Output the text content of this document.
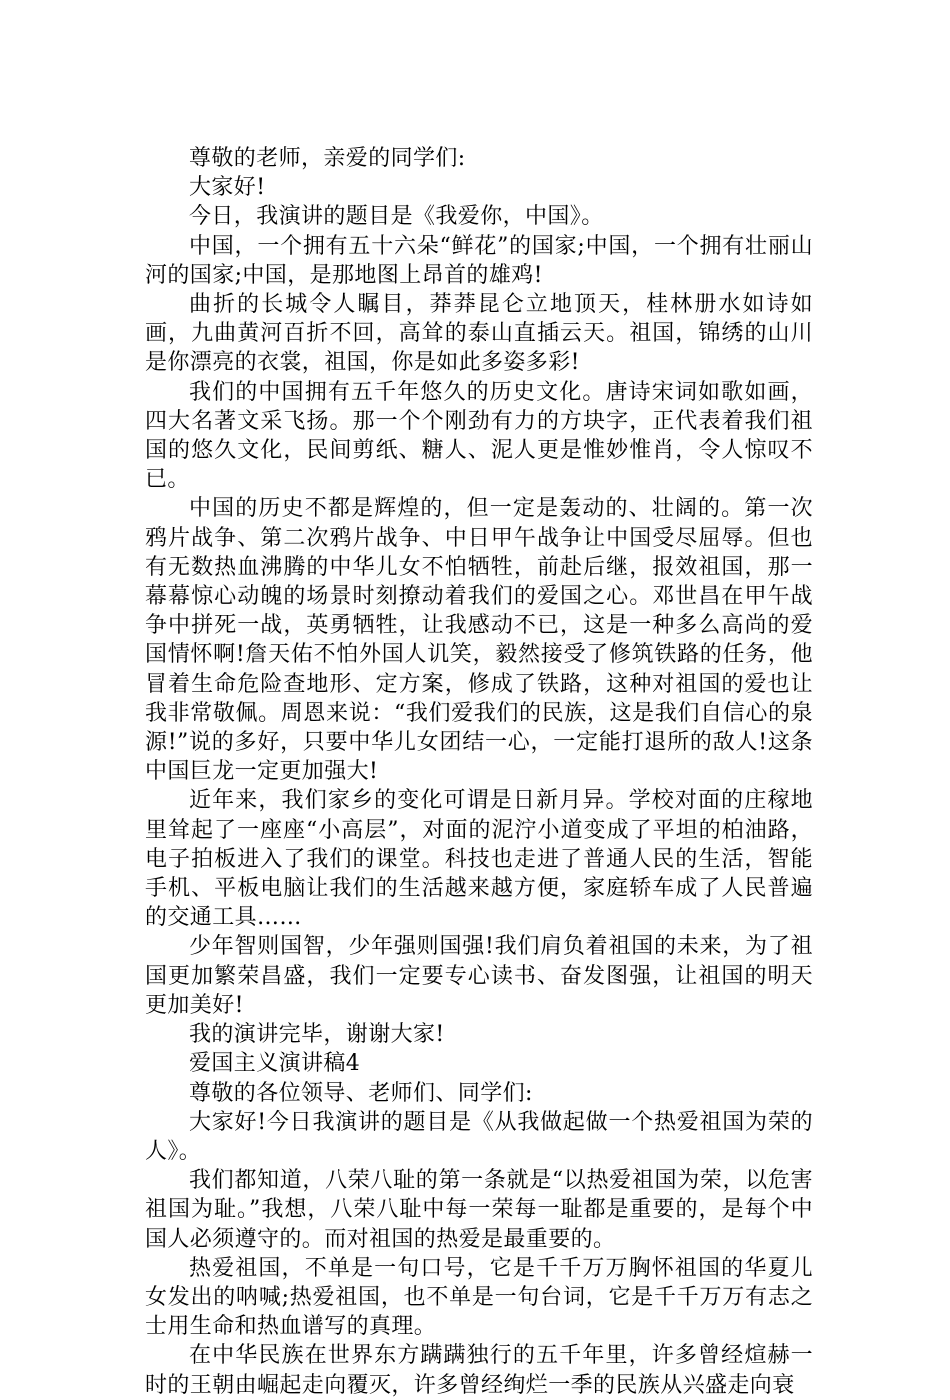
尊敬的老师，亲爱的同学们:

大家好!

今日，我演讲的题目是《我爱你，中国》。

中国，一个拥有五十六朵“鲜花”的国家;中国，一个拥有壮丽山河的国家;中国，是那地图上昂首的雄鸡!

曲折的长城令人瞩目，莽莽昆仑立地顶天，桂林册水如诗如画，九曲黄河百折不回，高耸的泰山直插云天。祖国，锦绣的山川是你漂亮的衣裳，祖国，你是如此多姿多彩!

我们的中国拥有五千年悠久的历史文化。唐诗宋词如歌如画，四大名著文采飞扬。那一个个刚劲有力的方块字，正代表着我们祖国的悠久文化，民间剪纸、糖人、泥人更是惟妙惟肖，令人惊叹不已。

中国的历史不都是辉煌的，但一定是轰动的、壮阔的。第一次鸦片战争、第二次鸦片战争、中日甲午战争让中国受尽屈辱。但也有无数热血沸腾的中华儿女不怕牺牲，前赴后继，报效祖国，那一幕幕惊心动魄的场景时刻撩动着我们的爱国之心。邓世昌在甲午战争中拼死一战，英勇牺牲，让我感动不已，这是一种多么高尚的爱国情怀啊!詹天佑不怕外国人讥笑，毅然接受了修筑铁路的任务，他冒着生命危险查地形、定方案，修成了铁路，这种对祖国的爱也让我非常敬佩。周恩来说：“我们爱我们的民族，这是我们自信心的泉源!”说的多好，只要中华儿女团结一心，一定能打退所的敌人!这条中国巨龙一定更加强大!

近年来，我们家乡的变化可谓是日新月异。学校对面的庄稼地里耸起了一座座“小高层”，对面的泥泞小道变成了平坦的柏油路，电子拍板进入了我们的课堂。科技也走进了普通人民的生活，智能手机、平板电脑让我们的生活越来越方便，家庭轿车成了人民普遍的交通工具……

少年智则国智，少年强则国强!我们肩负着祖国的未来，为了祖国更加繁荣昌盛，我们一定要专心读书、奋发图强，让祖国的明天更加美好!

我的演讲完毕，谢谢大家!

爱国主义演讲稿4

尊敬的各位领导、老师们、同学们:

大家好!今日我演讲的题目是《从我做起做一个热爱祖国为荣的人》。

我们都知道，八荣八耻的第一条就是“以热爱祖国为荣，以危害祖国为耻。”我想，八荣八耻中每一荣每一耻都是重要的，是每个中国人必须遵守的。而对祖国的热爱是最重要的。

热爱祖国，不单是一句口号，它是千千万万胸怀祖国的华夏儿女发出的呐喊;热爱祖国，也不单是一句台词，它是千千万万有志之士用生命和热血谱写的真理。

在中华民族在世界东方蹒蹒独行的五千年里，许多曾经煊赫一时的王朝由崛起走向覆灭，许多曾经绚烂一季的民族从兴盛走向衰
